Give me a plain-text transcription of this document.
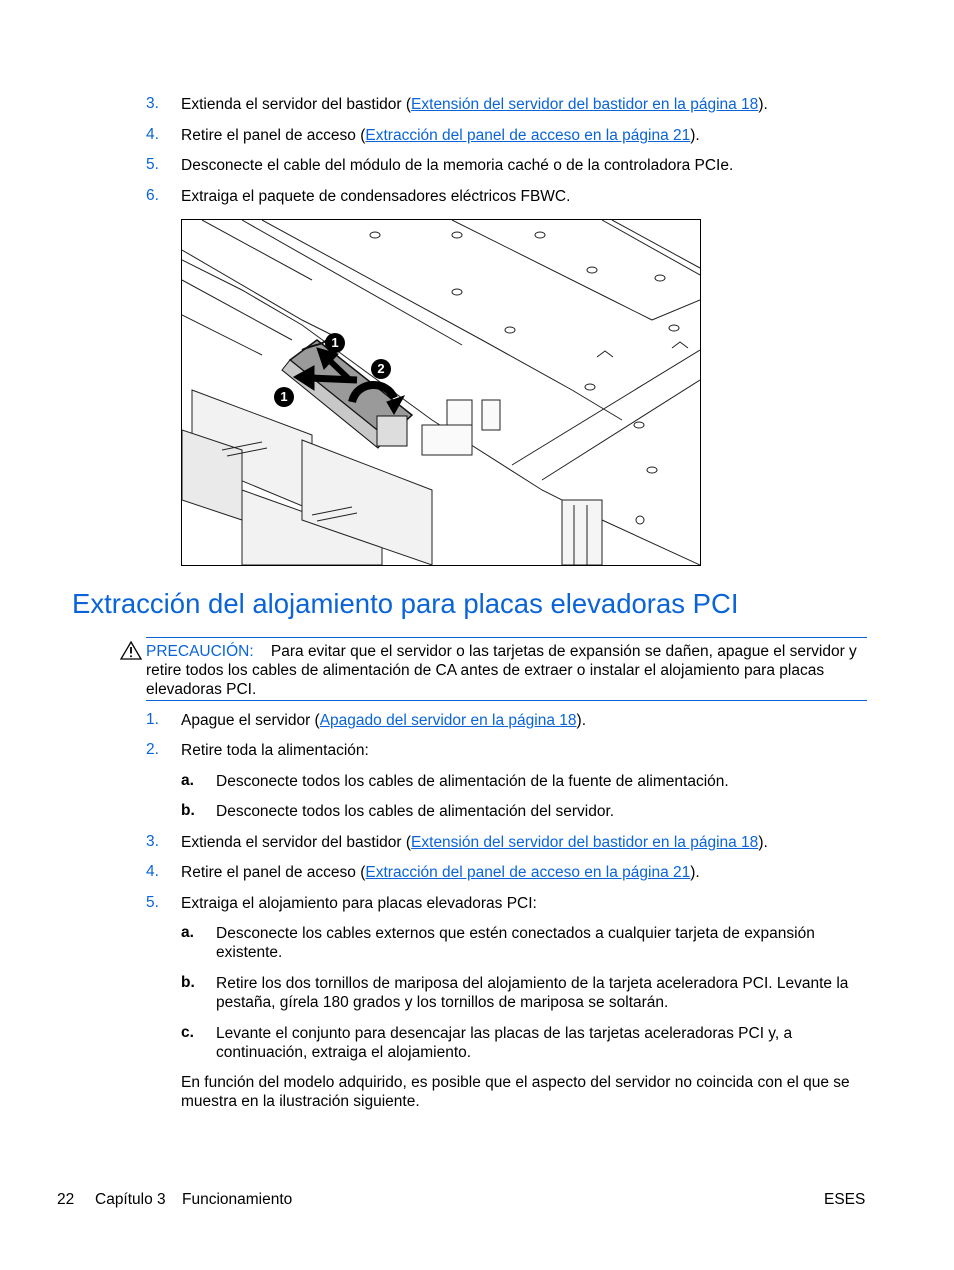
3. Extienda el servidor del bastidor (Extensión del servidor del bastidor en la página 18).
4. Retire el panel de acceso (Extracción del panel de acceso en la página 21).
5. Desconecte el cable del módulo de la memoria caché o de la controladora PCIe.
6. Extraiga el paquete de condensadores eléctricos FBWC.
1
2
1
Extracción del alojamiento para placas elevadoras PCI
PRECAUCIÓN: Para evitar que el servidor o las tarjetas de expansión se dañen, apague el servidor y retire todos los cables de alimentación de CA antes de extraer o instalar el alojamiento para placas elevadoras PCI.
1. Apague el servidor (Apagado del servidor en la página 18).
2. Retire toda la alimentación:
a. Desconecte todos los cables de alimentación de la fuente de alimentación.
b. Desconecte todos los cables de alimentación del servidor.
3. Extienda el servidor del bastidor (Extensión del servidor del bastidor en la página 18).
4. Retire el panel de acceso (Extracción del panel de acceso en la página 21).
5. Extraiga el alojamiento para placas elevadoras PCI:
a. Desconecte los cables externos que estén conectados a cualquier tarjeta de expansión existente.
b. Retire los dos tornillos de mariposa del alojamiento de la tarjeta aceleradora PCI. Levante la pestaña, gírela 180 grados y los tornillos de mariposa se soltarán.
c. Levante el conjunto para desencajar las placas de las tarjetas aceleradoras PCI y, a continuación, extraiga el alojamiento.
En función del modelo adquirido, es posible que el aspecto del servidor no coincida con el que se muestra en la ilustración siguiente.
22 Capítulo 3 Funcionamiento	ESES
